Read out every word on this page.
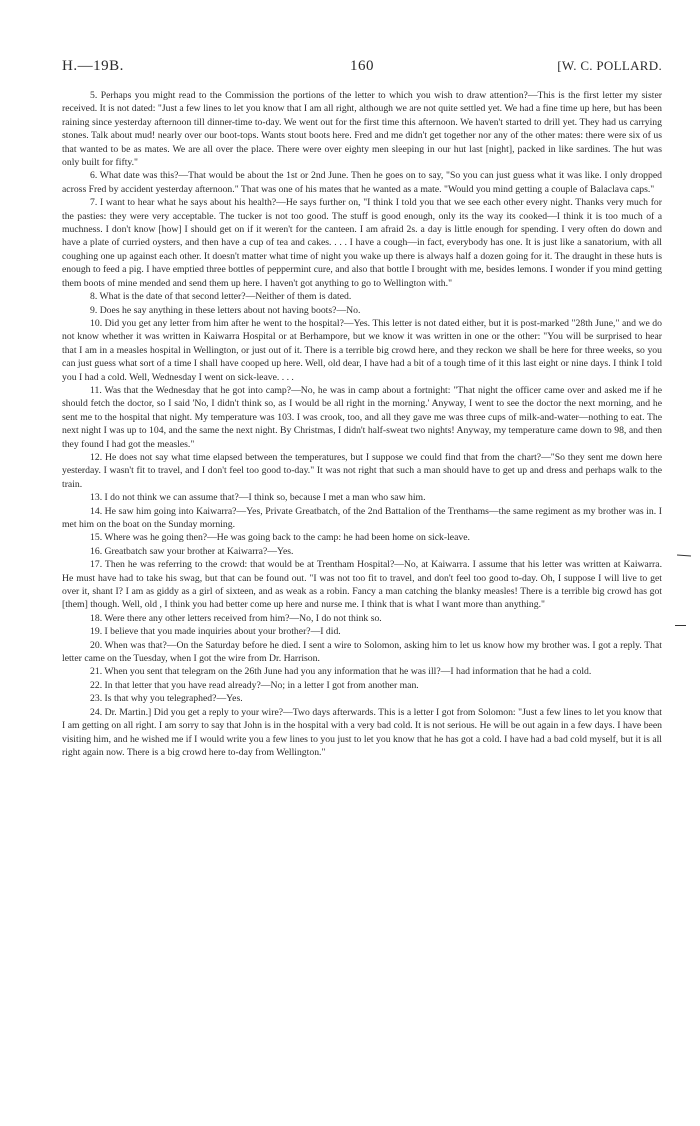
H.—19B.	160	[W. C. POLLARD.

5. Perhaps you might read to the Commission the portions of the letter to which you wish to draw attention?—This is the first letter my sister received. It is not dated: "Just a few lines to let you know that I am all right, although we are not quite settled yet. We had a fine time up here, but has been raining since yesterday afternoon till dinner-time to-day. We went out for the first time this afternoon. We haven't started to drill yet. They had us carrying stones. Talk about mud! nearly over our boot-tops. Wants stout boots here. Fred and me didn't get together nor any of the other mates: there were six of us that wanted to be as mates. We are all over the place. There were over eighty men sleeping in our hut last [night], packed in like sardines. The hut was only built for fifty."

6. What date was this?—That would be about the 1st or 2nd June. Then he goes on to say, "So you can just guess what it was like. I only dropped across Fred by accident yesterday afternoon." That was one of his mates that he wanted as a mate. "Would you mind getting a couple of Balaclava caps."

7. I want to hear what he says about his health?—He says further on, "I think I told you that we see each other every night. Thanks very much for the pasties: they were very acceptable. The tucker is not too good. The stuff is good enough, only its the way its cooked—I think it is too much of a muchness. I don't know [how] I should get on if it weren't for the canteen. I am afraid 2s. a day is little enough for spending. I very often do down and have a plate of curried oysters, and then have a cup of tea and cakes. . . . I have a cough—in fact, everybody has one. It is just like a sanatorium, with all coughing one up against each other. It doesn't matter what time of night you wake up there is always half a dozen going for it. The draught in these huts is enough to feed a pig. I have emptied three bottles of peppermint cure, and also that bottle I brought with me, besides lemons. I wonder if you mind getting them boots of mine mended and send them up here. I haven't got anything to go to Wellington with."

8. What is the date of that second letter?—Neither of them is dated.

9. Does he say anything in these letters about not having boots?—No.

10. Did you get any letter from him after he went to the hospital?—Yes. This letter is not dated either, but it is post-marked "28th June," and we do not know whether it was written in Kaiwarra Hospital or at Berhampore, but we know it was written in one or the other: "You will be surprised to hear that I am in a measles hospital in Wellington, or just out of it. There is a terrible big crowd here, and they reckon we shall be here for three weeks, so you can just guess what sort of a time I shall have cooped up here. Well, old dear, I have had a bit of a tough time of it this last eight or nine days. I think I told you I had a cold. Well, Wednesday I went on sick-leave. . . .

11. Was that the Wednesday that he got into camp?—No, he was in camp about a fortnight: "That night the officer came over and asked me if he should fetch the doctor, so I said 'No, I didn't think so, as I would be all right in the morning.' Anyway, I went to see the doctor the next morning, and he sent me to the hospital that night. My temperature was 103. I was crook, too, and all they gave me was three cups of milk-and-water—nothing to eat. The next night I was up to 104, and the same the next night. By Christmas, I didn't half-sweat two nights! Anyway, my temperature came down to 98, and then they found I had got the measles."

12. He does not say what time elapsed between the temperatures, but I suppose we could find that from the chart?—"So they sent me down here yesterday. I wasn't fit to travel, and I don't feel too good to-day." It was not right that such a man should have to get up and dress and perhaps walk to the train.

13. I do not think we can assume that?—I think so, because I met a man who saw him.

14. He saw him going into Kaiwarra?—Yes, Private Greatbatch, of the 2nd Battalion of the Trenthams—the same regiment as my brother was in. I met him on the boat on the Sunday morning.

15. Where was he going then?—He was going back to the camp: he had been home on sick-leave.

16. Greatbatch saw your brother at Kaiwarra?—Yes.

17. Then he was referring to the crowd: that would be at Trentham Hospital?—No, at Kaiwarra. I assume that his letter was written at Kaiwarra. He must have had to take his swag, but that can be found out. "I was not too fit to travel, and don't feel too good to-day. Oh, I suppose I will live to get over it, shant I? I am as giddy as a girl of sixteen, and as weak as a robin. Fancy a man catching the blanky measles! There is a terrible big crowd has got [them] though. Well, old , I think you had better come up here and nurse me. I think that is what I want more than anything."

18. Were there any other letters received from him?—No, I do not think so.

19. I believe that you made inquiries about your brother?—I did.

20. When was that?—On the Saturday before he died. I sent a wire to Solomon, asking him to let us know how my brother was. I got a reply. That letter came on the Tuesday, when I got the wire from Dr. Harrison.

21. When you sent that telegram on the 26th June had you any information that he was ill?—I had information that he had a cold.

22. In that letter that you have read already?—No; in a letter I got from another man.

23. Is that why you telegraphed?—Yes.

24. Dr. Martin.] Did you get a reply to your wire?—Two days afterwards. This is a letter I got from Solomon: "Just a few lines to let you know that I am getting on all right. I am sorry to say that John is in the hospital with a very bad cold. It is not serious. He will be out again in a few days. I have been visiting him, and he wished me if I would write you a few lines to you just to let you know that he has got a cold. I have had a bad cold myself, but it is all right again now. There is a big crowd here to-day from Wellington."
